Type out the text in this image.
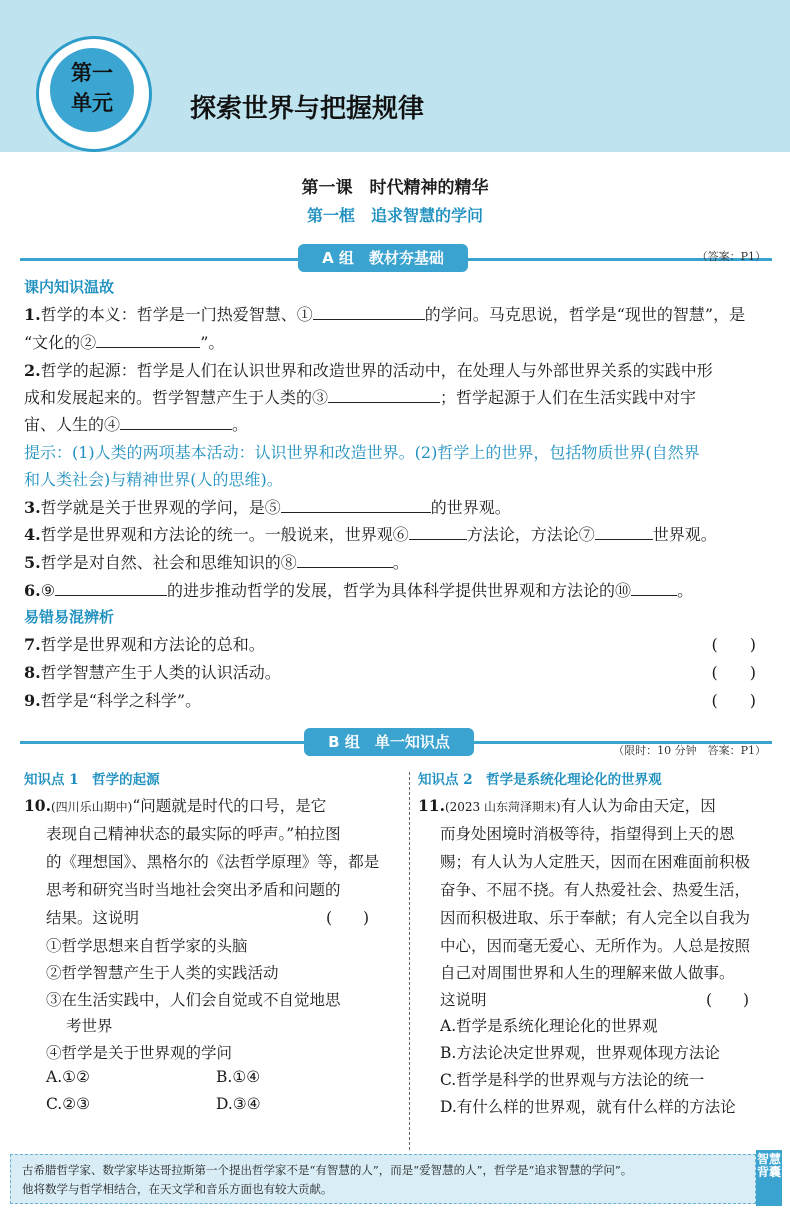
第一
单元	探索世界与把握规律
第一课　时代精神的精华
第一框　追求智慧的学问
A 组　教材夯基础	（答案：P1）
课内知识温故
1.哲学的本义：哲学是一门热爱智慧、①	的学问。马克思说，哲学是“现世的智慧”，是
“文化的②	”。
2.哲学的起源：哲学是人们在认识世界和改造世界的活动中，在处理人与外部世界关系的实践中形
成和发展起来的。哲学智慧产生于人类的③	；哲学起源于人们在生活实践中对宇
宙、人生的④	。
提示：(1)人类的两项基本活动：认识世界和改造世界。(2)哲学上的世界，包括物质世界(自然界
和人类社会)与精神世界(人的思维)。
3.哲学就是关于世界观的学问，是⑤	的世界观。
4.哲学是世界观和方法论的统一。一般说来，世界观⑥	方法论，方法论⑦	世界观。
5.哲学是对自然、社会和思维知识的⑧	。
6.⑨	的进步推动哲学的发展，哲学为具体科学提供世界观和方法论的⑩	。
易错易混辨析
7.哲学是世界观和方法论的总和。	(　　)
8.哲学智慧产生于人类的认识活动。	(　　)
9.哲学是“科学之科学”。	(　　)
B 组　单一知识点	（限时：10 分钟　答案：P1）
知识点 1　哲学的起源
10.(四川乐山期中)“问题就是时代的口号，是它
表现自己精神状态的最实际的呼声。”柏拉图
的《理想国》、黑格尔的《法哲学原理》等，都是
思考和研究当时当地社会突出矛盾和问题的
结果。这说明	(　　)
①哲学思想来自哲学家的头脑
②哲学智慧产生于人类的实践活动
③在生活实践中，人们会自觉或不自觉地思
考世界
④哲学是关于世界观的学问
A.①②	B.①④
C.②③	D.③④
知识点 2　哲学是系统化理论化的世界观
11.(2023 山东菏泽期末)有人认为命由天定，因
而身处困境时消极等待，指望得到上天的恩
赐；有人认为人定胜天，因而在困难面前积极
奋争、不屈不挠。有人热爱社会、热爱生活，
因而积极进取、乐于奉献；有人完全以自我为
中心，因而毫无爱心、无所作为。人总是按照
自己对周围世界和人生的理解来做人做事。
这说明	(　　)
A.哲学是系统化理论化的世界观
B.方法论决定世界观，世界观体现方法论
C.哲学是科学的世界观与方法论的统一
D.有什么样的世界观，就有什么样的方法论
古希腊哲学家、数学家毕达哥拉斯第一个提出哲学家不是“有智慧的人”，而是“爱智慧的人”，哲学是“追求智慧的学问”。
他将数学与哲学相结合，在天文学和音乐方面也有较大贡献。
智慧背囊
